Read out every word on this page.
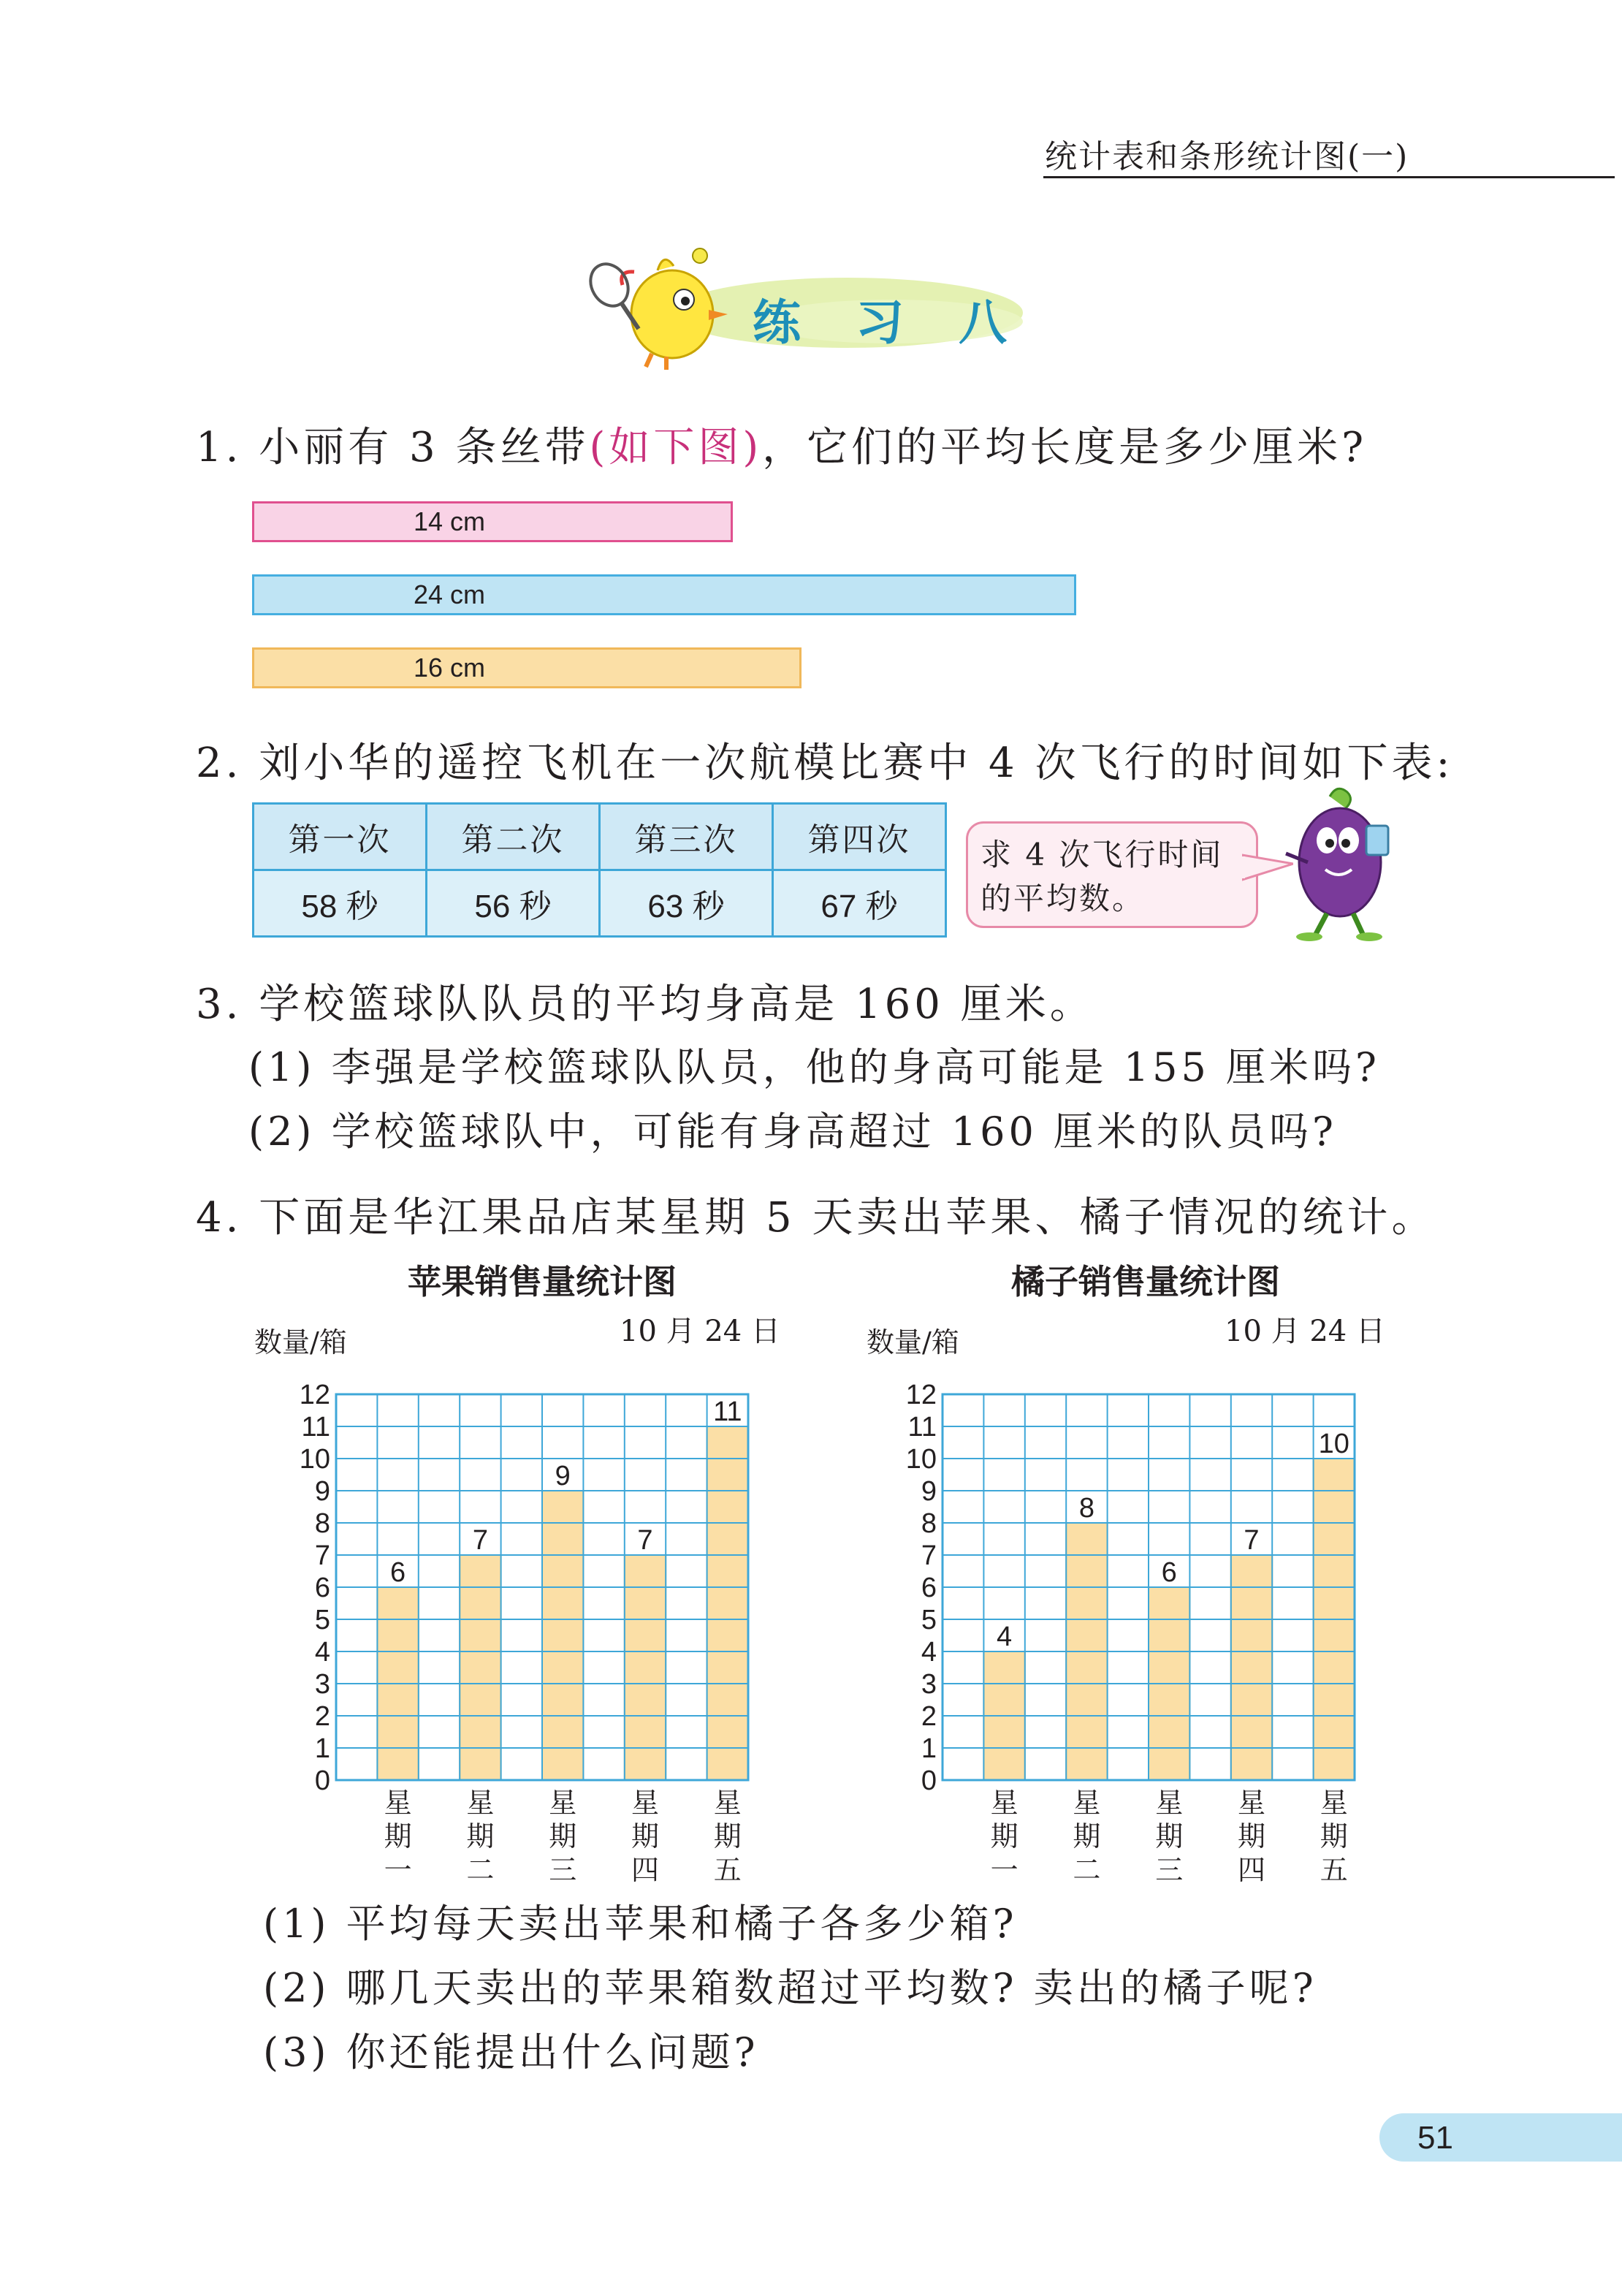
统计表和条形统计图(一)
练 习 八
1. 小丽有 3 条丝带(如下图)，它们的平均长度是多少厘米?
14 cm
24 cm
16 cm
2. 刘小华的遥控飞机在一次航模比赛中 4 次飞行的时间如下表:
第一次	第二次	第三次	第四次
58 秒	56 秒	63 秒	67 秒
求 4 次飞行时间
的平均数。
3. 学校篮球队队员的平均身高是 160 厘米。
(1) 李强是学校篮球队队员，他的身高可能是 155 厘米吗?
(2) 学校篮球队中，可能有身高超过 160 厘米的队员吗?
4. 下面是华江果品店某星期 5 天卖出苹果、橘子情况的统计。
苹果销售量统计图
数量/箱	10 月 24 日
橘子销售量统计图
数量/箱	10 月 24 日
6
星期一
7
星期二
9
星期三
7
星期四
11
星期五
0
1
2
3
4
5
6
7
8
9
10
11
12
4
星期一
8
星期二
6
星期三
7
星期四
10
星期五
0
1
2
3
4
5
6
7
8
9
10
11
12
(1) 平均每天卖出苹果和橘子各多少箱?
(2) 哪几天卖出的苹果箱数超过平均数? 卖出的橘子呢?
(3) 你还能提出什么问题?
51
